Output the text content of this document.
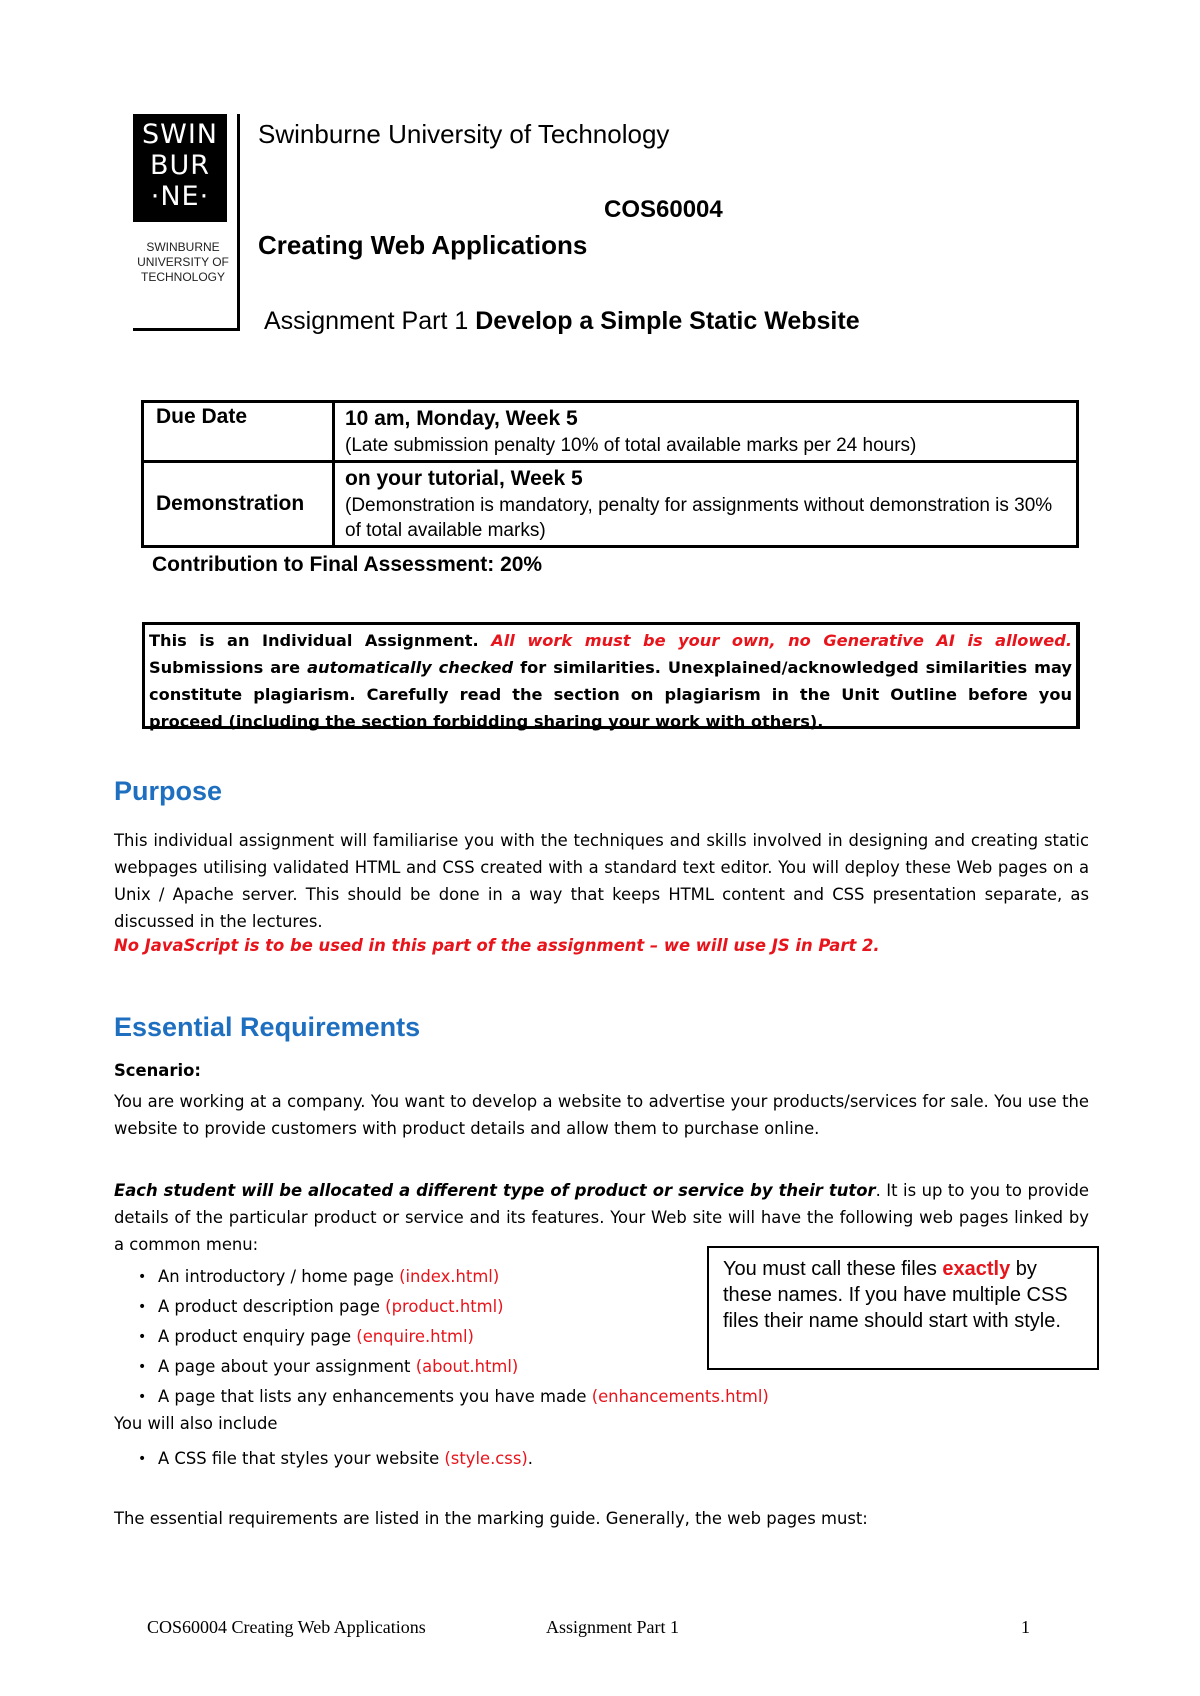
SWIN
BUR
·NE·
SWINBURNE UNIVERSITY OF TECHNOLOGY
Swinburne University of Technology
COS60004
Creating Web Applications
Assignment Part 1 Develop a Simple Static Website
Due Date	10 am, Monday, Week 5
(Late submission penalty 10% of total available marks per 24 hours)

Demonstration	on your tutorial, Week 5
(Demonstration is mandatory, penalty for assignments without demonstration is 30% of total available marks)
Contribution to Final Assessment: 20%
This is an Individual Assignment. All work must be your own, no Generative AI is allowed. Submissions are automatically checked for similarities. Unexplained/acknowledged similarities may constitute plagiarism. Carefully read the section on plagiarism in the Unit Outline before you proceed (including the section forbidding sharing your work with others).
Purpose
This individual assignment will familiarise you with the techniques and skills involved in designing and creating static webpages utilising validated HTML and CSS created with a standard text editor. You will deploy these Web pages on a Unix / Apache server. This should be done in a way that keeps HTML content and CSS presentation separate, as discussed in the lectures.
No JavaScript is to be used in this part of the assignment – we will use JS in Part 2.
Essential Requirements
Scenario:
You are working at a company. You want to develop a website to advertise your products/services for sale. You use the website to provide customers with product details and allow them to purchase online.
Each student will be allocated a different type of product or service by their tutor. It is up to you to provide details of the particular product or service and its features. Your Web site will have the following web pages linked by a common menu:
• An introductory / home page (index.html)
• A product description page (product.html)
• A product enquiry page (enquire.html)
• A page about your assignment (about.html)
• A page that lists any enhancements you have made (enhancements.html)
You will also include
• A CSS file that styles your website (style.css).
You must call these files exactly by these names. If you have multiple CSS files their name should start with style.
The essential requirements are listed in the marking guide. Generally, the web pages must:
COS60004 Creating Web Applications	Assignment Part 1	1
